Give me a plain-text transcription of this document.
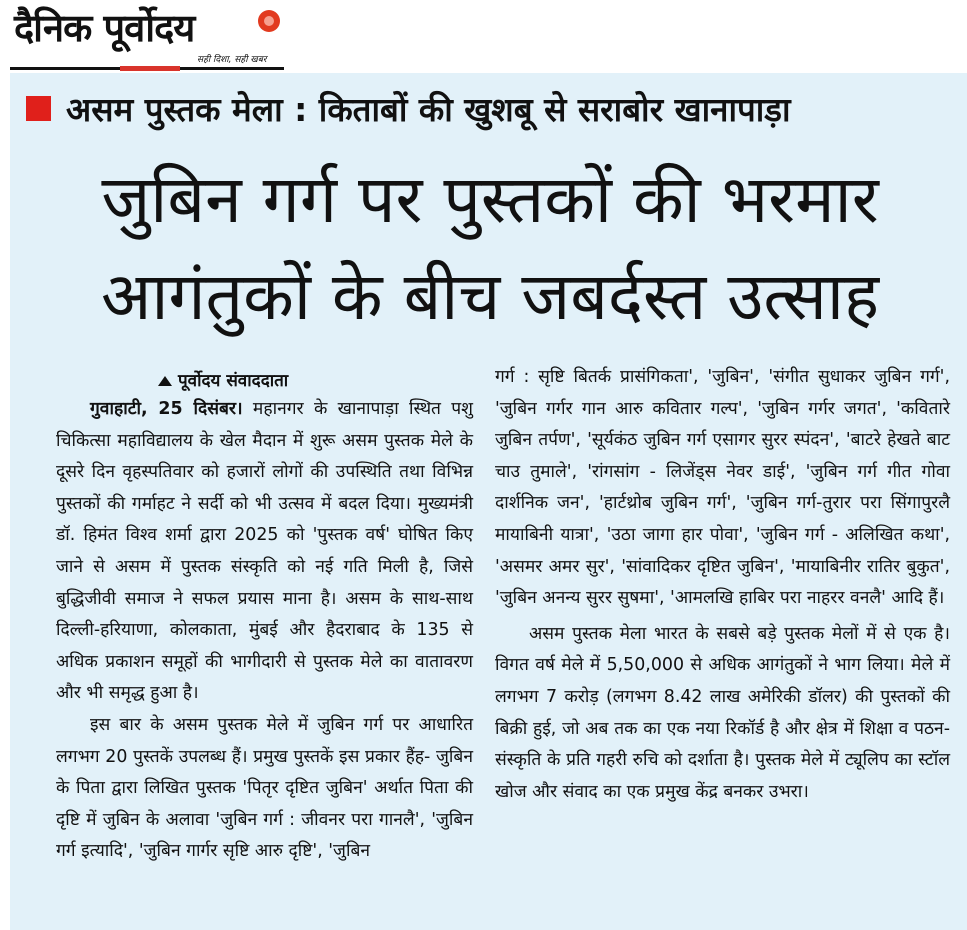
दैनिक पूर्वोदय
सही दिशा, सही खबर
असम पुस्तक मेला : किताबों की खुशबू से सराबोर खानापाड़ा
जुबिन गर्ग पर पुस्तकों की भरमार
आगंतुकों के बीच जबर्दस्त उत्साह
पूर्वोदय संवाददाता

गुवाहाटी, 25 दिसंबर। महानगर के खानापाड़ा स्थित पशु चिकित्सा महाविद्यालय के खेल मैदान में शुरू असम पुस्तक मेले के दूसरे दिन वृहस्पतिवार को हजारों लोगों की उपस्थिति तथा विभिन्न पुस्तकों की गर्माहट ने सर्दी को भी उत्सव में बदल दिया। मुख्यमंत्री डॉ. हिमंत विश्व शर्मा द्वारा 2025 को 'पुस्तक वर्ष' घोषित किए जाने से असम में पुस्तक संस्कृति को नई गति मिली है, जिसे बुद्धिजीवी समाज ने सफल प्रयास माना है। असम के साथ-साथ दिल्ली-हरियाणा, कोलकाता, मुंबई और हैदराबाद के 135 से अधिक प्रकाशन समूहों की भागीदारी से पुस्तक मेले का वातावरण और भी समृद्ध हुआ है।

इस बार के असम पुस्तक मेले में जुबिन गर्ग पर आधारित लगभग 20 पुस्तकें उपलब्ध हैं। प्रमुख पुस्तकें इस प्रकार हैंह- जुबिन के पिता द्वारा लिखित पुस्तक 'पितृर दृष्टित जुबिन' अर्थात पिता की दृष्टि में जुबिन के अलावा 'जुबिन गर्ग : जीवनर परा गानलै', 'जुबिन गर्ग इत्यादि', 'जुबिन गार्गर सृष्टि आरु दृष्टि', 'जुबिन

गर्ग : सृष्टि बितर्क प्रासंगिकता', 'जुबिन', 'संगीत सुधाकर जुबिन गर्ग', 'जुबिन गर्गर गान आरु कवितार गल्प', 'जुबिन गर्गर जगत', 'कवितारे जुबिन तर्पण', 'सूर्यकंठ जुबिन गर्ग एसागर सुरर स्पंदन', 'बाटरे हेखते बाट चाउ तुमाले', 'रांगसांग - लिजेंड्स नेवर डाई', 'जुबिन गर्ग गीत गोवा दार्शनिक जन', 'हार्टथ्रोब जुबिन गर्ग', 'जुबिन गर्ग-तुरार परा सिंगापुरलै मायाबिनी यात्रा', 'उठा जागा हार पोवा', 'जुबिन गर्ग - अलिखित कथा', 'असमर अमर सुर', 'सांवादिकर दृष्टित जुबिन', 'मायाबिनीर रातिर बुकुत', 'जुबिन अनन्य सुरर सुषमा', 'आमलखि हाबिर परा नाहरर वनलै' आदि हैं।

असम पुस्तक मेला भारत के सबसे बड़े पुस्तक मेलों में से एक है। विगत वर्ष मेले में 5,50,000 से अधिक आगंतुकों ने भाग लिया। मेले में लगभग 7 करोड़ (लगभग 8.42 लाख अमेरिकी डॉलर) की पुस्तकों की बिक्री हुई, जो अब तक का एक नया रिकॉर्ड है और क्षेत्र में शिक्षा व पठन-संस्कृति के प्रति गहरी रुचि को दर्शाता है। पुस्तक मेले में ट्यूलिप का स्टॉल खोज और संवाद का एक प्रमुख केंद्र बनकर उभरा।
